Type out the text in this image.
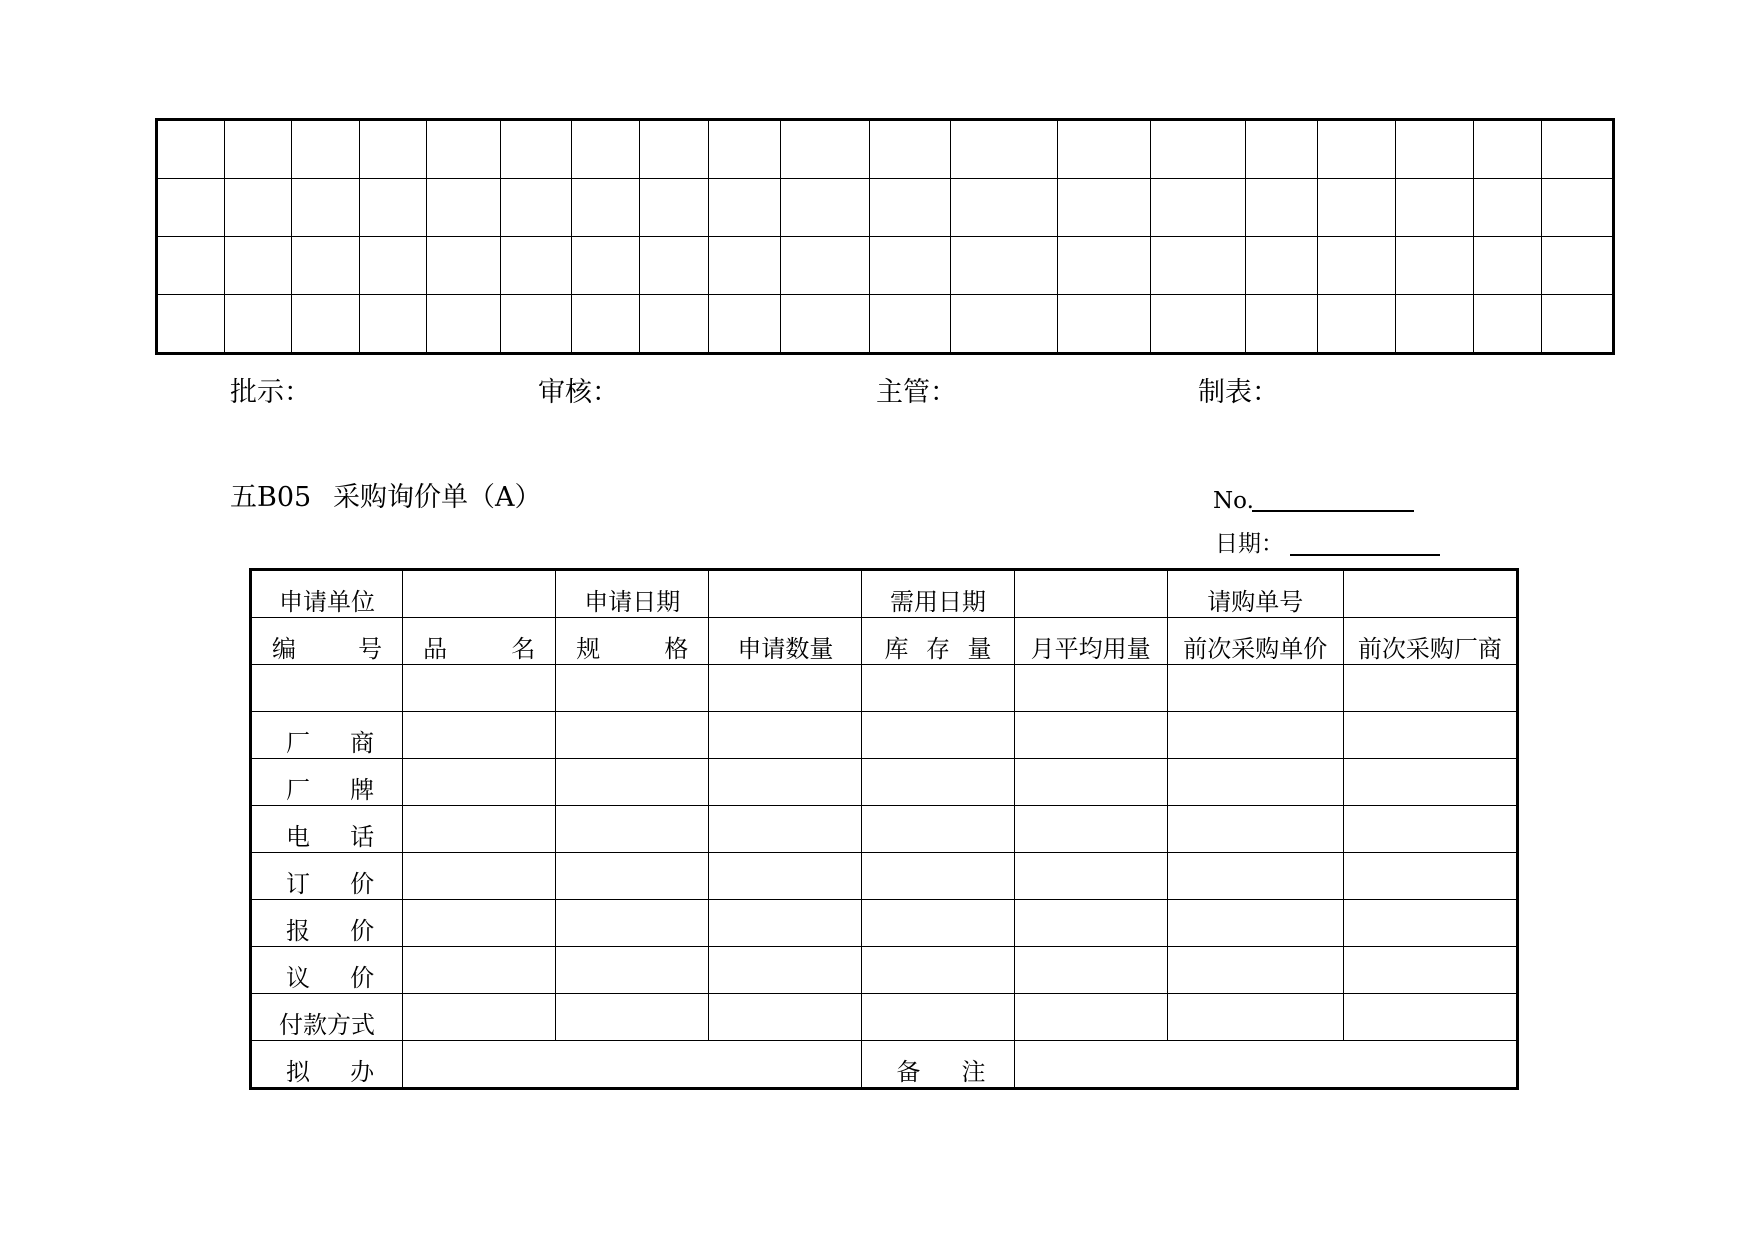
批示：	审核：	主管：	制表：
五B05 采购询价单（A）	No.
日期：
申请单位		申请日期		需用日期		请购单号	

编 号	品 名	规 格	申请数量	库 存 量	月平均用量	前次采购单价	前次采购厂商

厂 商							

厂 牌							

电 话							

订 价							

报 价							

议 价							

付款方式							

拟 办				备 注			
